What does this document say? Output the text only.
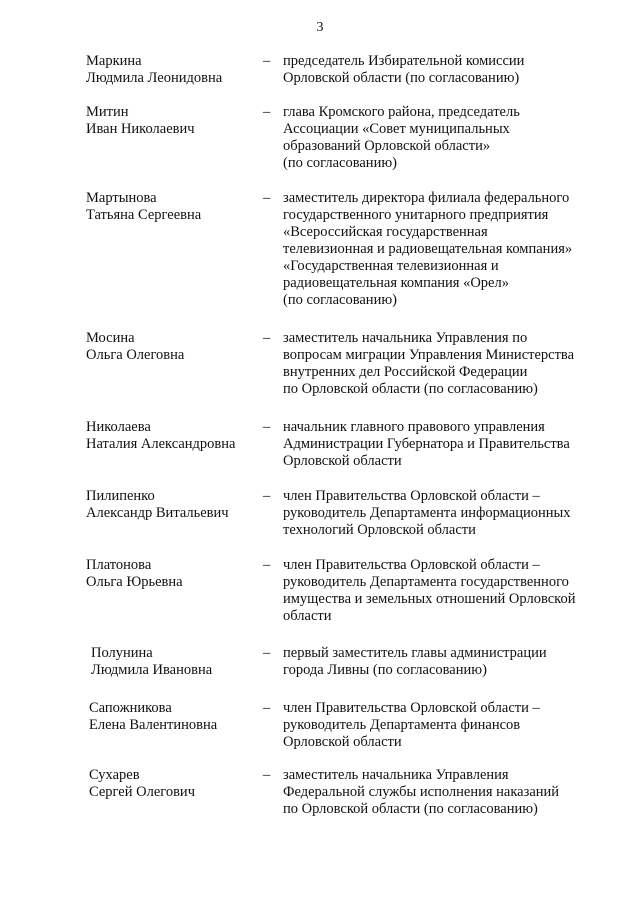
3
Маркина
Людмила Леонидовна
– председатель Избирательной комиссии
Орловской области (по согласованию)
Митин
Иван Николаевич
– глава Кромского района, председатель
Ассоциации «Совет муниципальных
образований Орловской области»
(по согласованию)
Мартынова
Татьяна Сергеевна
– заместитель директора филиала федерального
государственного унитарного предприятия
«Всероссийская государственная
телевизионная и радиовещательная компания»
«Государственная телевизионная и
радиовещательная компания «Орел»
(по согласованию)
Мосина
Ольга Олеговна
– заместитель начальника Управления по
вопросам миграции Управления Министерства
внутренних дел Российской Федерации
по Орловской области (по согласованию)
Николаева
Наталия Александровна
– начальник главного правового управления
Администрации Губернатора и Правительства
Орловской области
Пилипенко
Александр Витальевич
– член Правительства Орловской области –
руководитель Департамента информационных
технологий Орловской области
Платонова
Ольга Юрьевна
– член Правительства Орловской области –
руководитель Департамента государственного
имущества и земельных отношений Орловской
области
Полунина
Людмила Ивановна
– первый заместитель главы администрации
города Ливны (по согласованию)
Сапожникова
Елена Валентиновна
– член Правительства Орловской области –
руководитель Департамента финансов
Орловской области
Сухарев
Сергей Олегович
– заместитель начальника Управления
Федеральной службы исполнения наказаний
по Орловской области (по согласованию)
